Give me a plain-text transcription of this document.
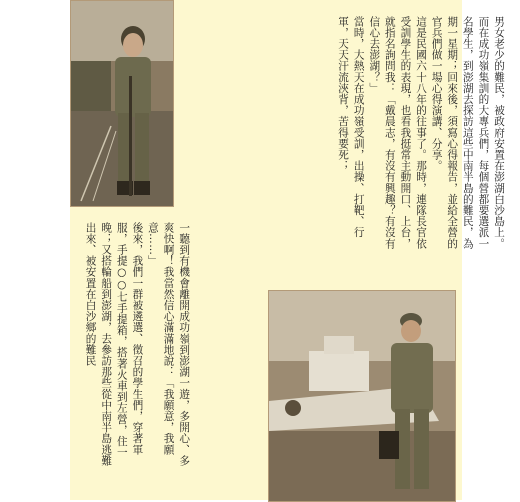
男女老少的難民，被政府安置在澎湖白沙島上。

而在成功嶺集訓的大專兵們，每個營都要選派一名學生，到澎湖去探訪這些中南半島的難民，為期一星期；回來後，須寫心得報告，並給全營的官兵們做一場心得演講、分享。

這是民國六十八年的往事了。那時，連隊長官依受訓學生的表現，也看我挺常主動開口、上台，就指名詢問我：「戴晨志，有沒有興趣？有沒有信心去澎湖？」

當時，大熱天在成功嶺受訓，出操、打靶、行軍，天天汗流浹背，苦得要死；

一聽到有機會離開成功嶺到澎湖一遊，多開心、多爽快啊！我當然信心滿滿地說：「我願意，我願意……」

後來，我們一群被遴選、徵召的學生們，穿著軍服，手提○○七手提箱，搭著火車到左營，住一晚；又搭輪船到澎湖，去參訪那些從中南半島逃難出來、被安置在白沙鄉的難民
